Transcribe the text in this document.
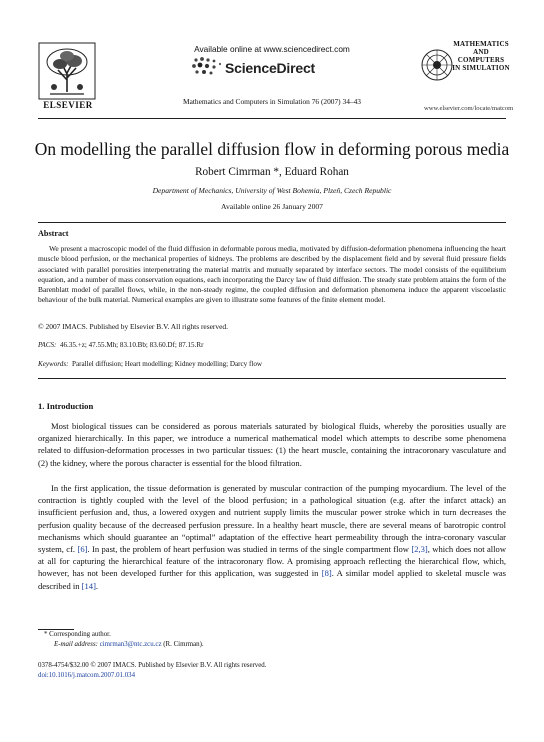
ELSEVIER
Available online at www.sciencedirect.com
ScienceDirect
Mathematics and Computers in Simulation 76 (2007) 34–43
MATHEMATICS
AND
COMPUTERS
IN SIMULATION
www.elsevier.com/locate/matcom
On modelling the parallel diffusion flow in deforming porous media
Robert Cimrman *, Eduard Rohan
Department of Mechanics, University of West Bohemia, Plzeň, Czech Republic
Available online 26 January 2007
Abstract
We present a macroscopic model of the fluid diffusion in deformable porous media, motivated by diffusion-deformation phenomena influencing the heart muscle blood perfusion, or the mechanical properties of kidneys. The problems are described by the displacement field and by several fluid pressure fields associated with parallel porosities interpenetrating the material matrix and mutually separated by interface sectors. The model consists of the equilibrium equation, and a number of mass conservation equations, each incorporating the Darcy law of fluid diffusion. The steady state problem attains the form of the Barenblatt model of parallel flows, while, in the non-steady regime, the coupled diffusion and deformation phenomena induce the apparent viscoelastic behaviour of the bulk material. Numerical examples are given to illustrate some features of the finite element model.
© 2007 IMACS. Published by Elsevier B.V. All rights reserved.
PACS: 46.35.+z; 47.55.Mh; 83.10.Bb; 83.60.Df; 87.15.Rr
Keywords: Parallel diffusion; Heart modelling; Kidney modelling; Darcy flow
1. Introduction
Most biological tissues can be considered as porous materials saturated by biological fluids, whereby the porosities usually are organized hierarchically. In this paper, we introduce a numerical mathematical model which attempts to describe some phenomena related to diffusion-deformation processes in two particular tissues: (1) the heart muscle, containing the intracoronary vasculature and (2) the kidney, where the porous character is essential for the blood filtration.
In the first application, the tissue deformation is generated by muscular contraction of the pumping myocardium. The level of the contraction is tightly coupled with the level of the blood perfusion; in a pathological situation (e.g. after the infarct attack) an insufficient perfusion and, thus, a lowered oxygen and nutrient supply limits the muscular power stroke which in turn decreases the perfusion quality because of the decreased perfusion pressure. In a healthy heart muscle, there are several means of barotropic control mechanisms which should guarantee an “optimal” adaptation of the effective heart permeability through the intra-coronary vascular system, cf. [6]. In past, the problem of heart perfusion was studied in terms of the single compartment flow [2,3], which does not allow at all for capturing the hierarchical feature of the intracoronary flow. A promising approach reflecting the hierarchical flow, which, however, has not been developed further for this application, was suggested in [8]. A similar model applied to skeletal muscle was described in [14].
* Corresponding author.
E-mail address: cimrman3@ntc.zcu.cz (R. Cimrman).
0378-4754/$32.00 © 2007 IMACS. Published by Elsevier B.V. All rights reserved.
doi:10.1016/j.matcom.2007.01.034
